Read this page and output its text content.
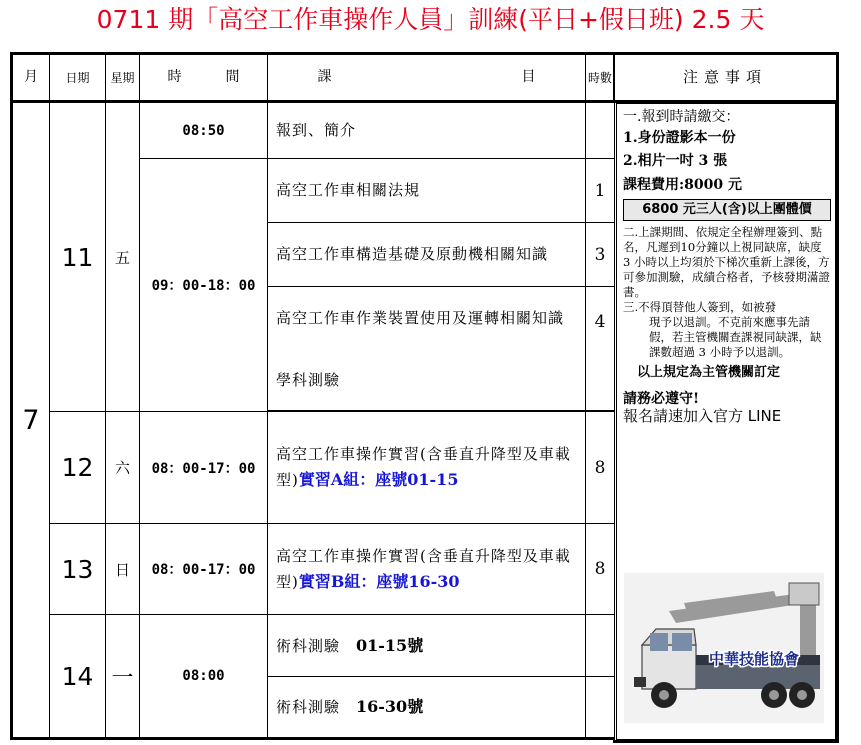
0711 期「高空工作車操作人員」訓練(平日+假日班) 2.5 天
月	日期	星期	時 間	課 目	時數
7	11	五	08:50	報到、簡介	
			09：00-18：00	高空工作車相關法規	1
				高空工作車構造基礎及原動機相關知識	3
				高空工作車作業裝置使用及運轉相關知識	4
				學科測驗	

	12	六	08：00-17：00	高空工作車操作實習(含垂直升降型及車載型)實習A組：座號01-15	8
	13	日	08：00-17：00	高空工作車操作實習(含垂直升降型及車載型)實習B組：座號16-30	8
	14	一	08:00	術科測驗 01-15號	
				術科測驗 16-30號	
注意事項

一.報到時請繳交：

1.身份證影本一份

2.相片一吋 3 張

課程費用:8000 元

6800 元三人(含)以上團體價

二.上課期間、依規定全程辦理簽到、點名，凡遲到10分鐘以上視同缺席，缺度 3 小時以上均須於下梯次重新上課後，方可參加測驗，成績合格者，予核發期滿證書。

三.不得頂替他人簽到，如被發

現予以退訓。不克前來應事先請假，若主管機關查課視同缺課，缺課數超過 3 小時予以退訓。

以上規定為主管機關訂定

請務必遵守!

報名請速加入官方 LINE

中華技能協會
